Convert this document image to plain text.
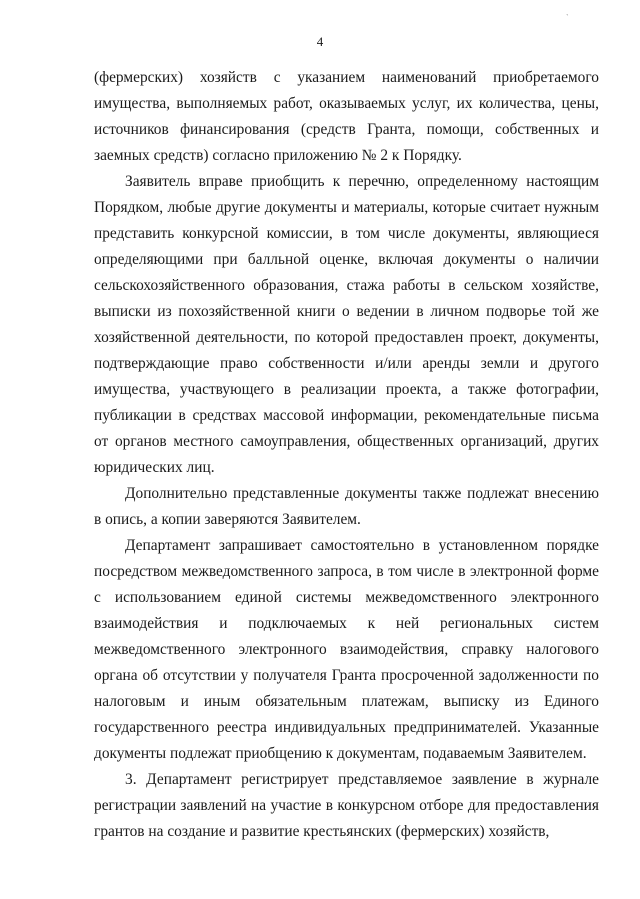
`
4

(фермерских) хозяйств с указанием наименований приобретаемого имущества, выполняемых работ, оказываемых услуг, их количества, цены, источников финансирования (средств Гранта, помощи, собственных и заемных средств) согласно приложению № 2 к Порядку.

Заявитель вправе приобщить к перечню, определенному настоящим Порядком, любые другие документы и материалы, которые считает нужным представить конкурсной комиссии, в том числе документы, являющиеся определяющими при балльной оценке, включая документы о наличии сельскохозяйственного образования, стажа работы в сельском хозяйстве, выписки из похозяйственной книги о ведении в личном подворье той же хозяйственной деятельности, по которой предоставлен проект, документы, подтверждающие право собственности и/или аренды земли и другого имущества, участвующего в реализации проекта, а также фотографии, публикации в средствах массовой информации, рекомендательные письма от органов местного самоуправления, общественных организаций, других юридических лиц.

Дополнительно представленные документы также подлежат внесению в опись, а копии заверяются Заявителем.

Департамент запрашивает самостоятельно в установленном порядке посредством межведомственного запроса, в том числе в электронной форме с использованием единой системы межведомственного электронного взаимодействия и подключаемых к ней региональных систем межведомственного электронного взаимодействия, справку налогового органа об отсутствии у получателя Гранта просроченной задолженности по налоговым и иным обязательным платежам, выписку из Единого государственного реестра индивидуальных предпринимателей. Указанные документы подлежат приобщению к документам, подаваемым Заявителем.

3. Департамент регистрирует представляемое заявление в журнале регистрации заявлений на участие в конкурсном отборе для предоставления грантов на создание и развитие крестьянских (фермерских) хозяйств,
